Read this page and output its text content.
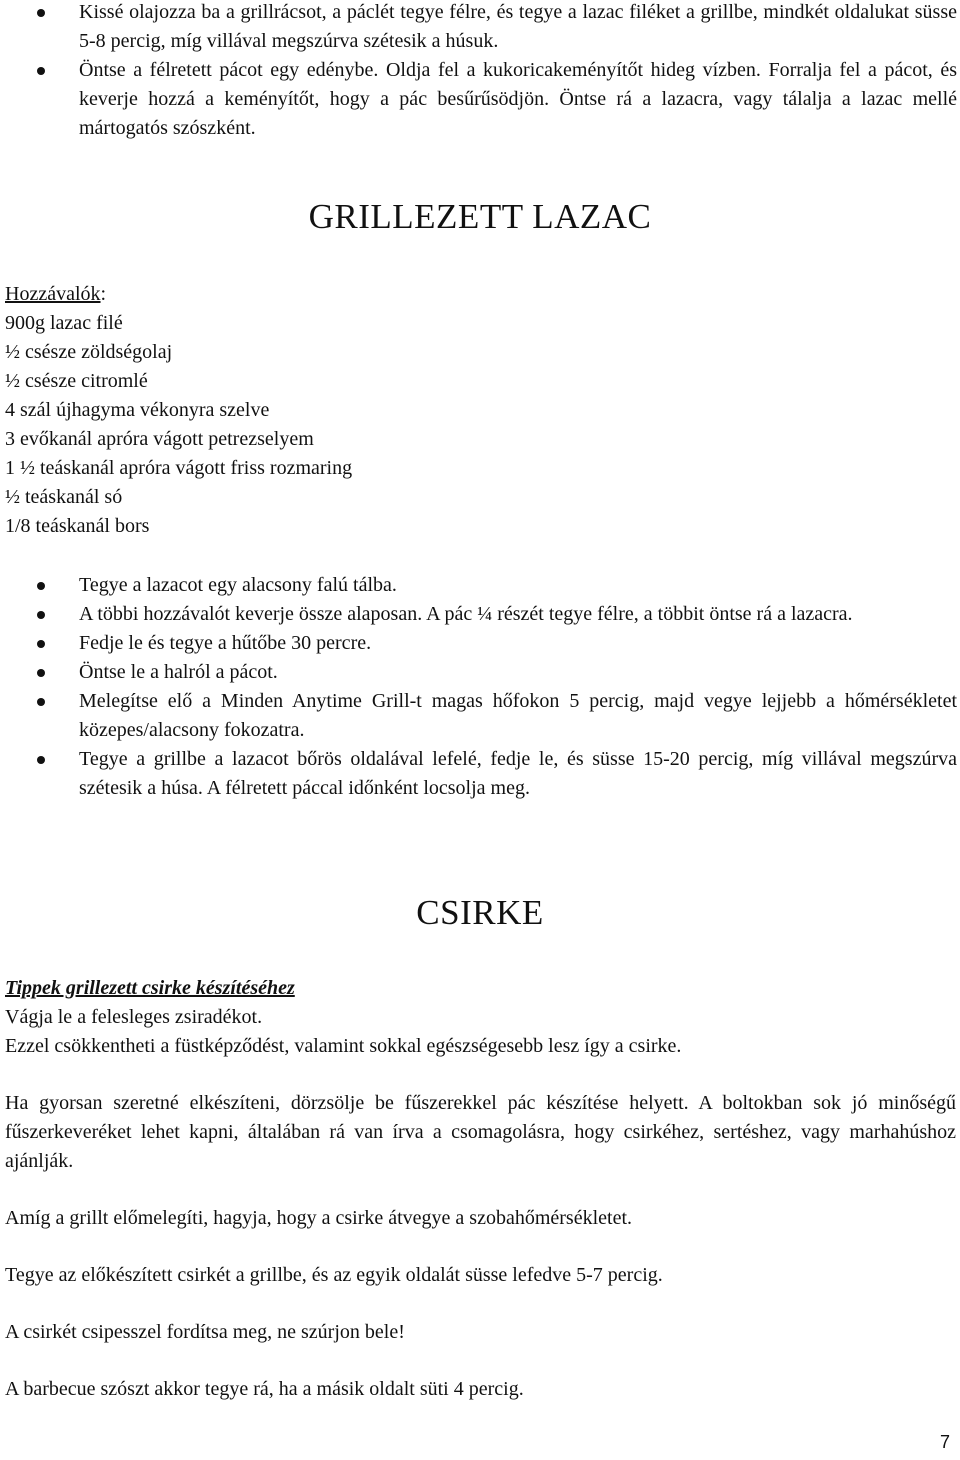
Kissé olajozza ba a grillrácsot, a páclét tegye félre, és tegye a lazac filéket a grillbe, mindkét oldalukat süsse 5-8 percig, míg villával megszúrva szétesik a húsuk.
Öntse a félretett pácot egy edénybe. Oldja fel a kukoricakeményítőt hideg vízben. Forralja fel a pácot, és keverje hozzá a keményítőt, hogy a pác besűrűsödjön. Öntse rá a lazacra, vagy tálalja a lazac mellé mártogatós szószként.
GRILLEZETT LAZAC
Hozzávalók:
900g lazac filé
½ csésze zöldségolaj
½ csésze citromlé
4 szál újhagyma vékonyra szelve
3 evőkanál apróra vágott petrezselyem
1 ½ teáskanál apróra vágott friss rozmaring
½ teáskanál só
1/8 teáskanál bors
Tegye a lazacot egy alacsony falú tálba.
A többi hozzávalót keverje össze alaposan. A pác ¼ részét tegye félre, a többit öntse rá a lazacra.
Fedje le és tegye a hűtőbe 30 percre.
Öntse le a halról a pácot.
Melegítse elő a Minden Anytime Grill-t magas hőfokon 5 percig, majd vegye lejjebb a hőmérsékletet közepes/alacsony fokozatra.
Tegye a grillbe a lazacot bőrös oldalával lefelé, fedje le, és süsse 15-20 percig, míg villával megszúrva szétesik a húsa. A félretett páccal időnként locsolja meg.
CSIRKE

Tippek grillezett csirke készítéséhez

Vágja le a felesleges zsiradékot.

Ezzel csökkentheti a füstképződést, valamint sokkal egészségesebb lesz így a csirke.

Ha gyorsan szeretné elkészíteni, dörzsölje be fűszerekkel pác készítése helyett. A boltokban sok jó minőségű fűszerkeveréket lehet kapni, általában rá van írva a csomagolásra, hogy csirkéhez, sertéshez, vagy marhahúshoz ajánlják.

Amíg a grillt előmelegíti, hagyja, hogy a csirke átvegye a szobahőmérsékletet.

Tegye az előkészített csirkét a grillbe, és az egyik oldalát süsse lefedve 5-7 percig.

A csirkét csipesszel fordítsa meg, ne szúrjon bele!

A barbecue szószt akkor tegye rá, ha a másik oldalt süti 4 percig.

7
